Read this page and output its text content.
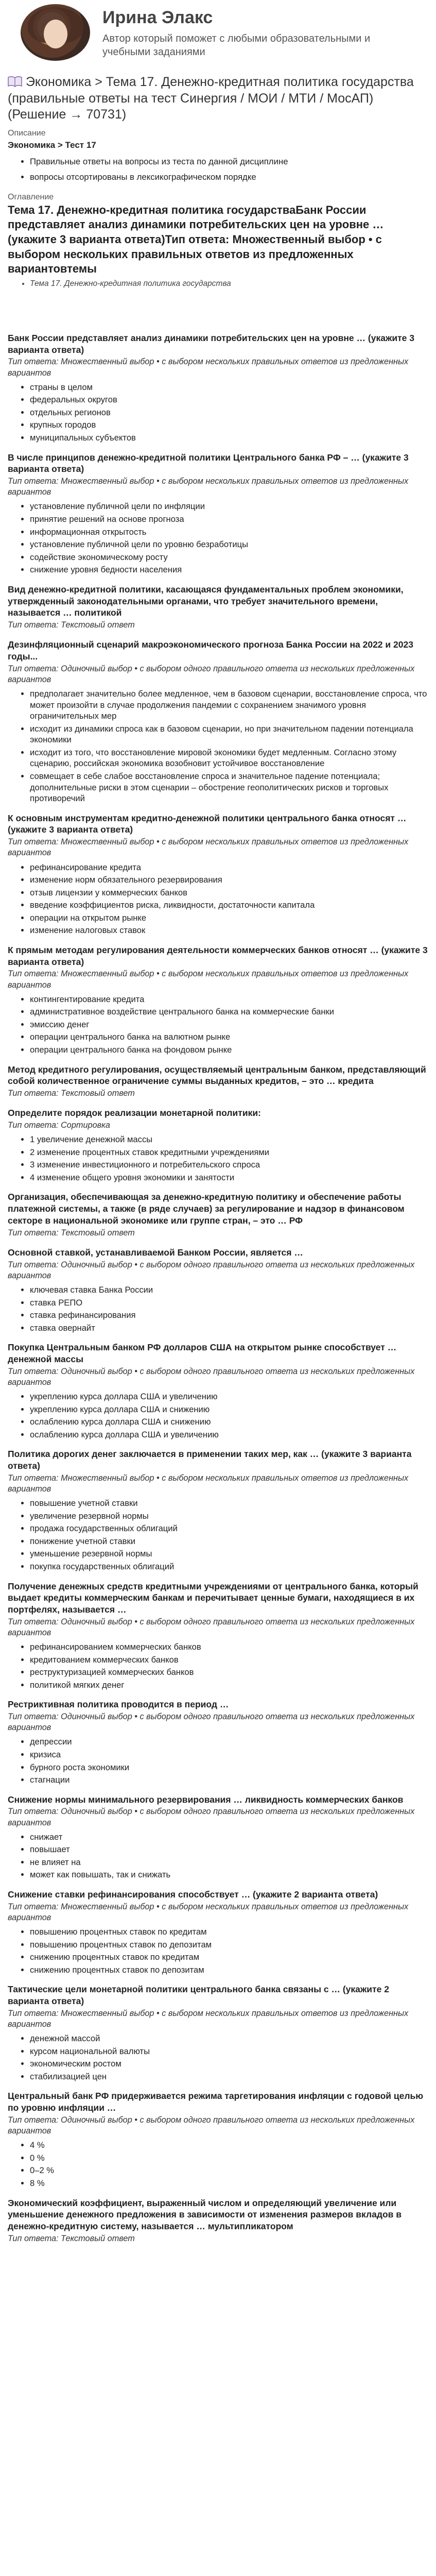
Ирина Элакс
Автор который поможет с любыми образовательными и учебными заданиями
Экономика > Тема 17. Денежно-кредитная политика государства (правильные ответы на тест Синергия / МОИ / МТИ / МосАП) (Решение → 70731)
Описание
Экономика > Тест 17
• Правильные ответы на вопросы из теста по данной дисциплине
• вопросы отсортированы в лексикографическом порядке
Оглавление
Тема 17. Денежно-кредитная политика государстваБанк России представляет анализ динамики потребительских цен на уровне … (укажите 3 варианта ответа)Тип ответа: Множественный выбор • с выбором нескольких правильных ответов из предложенных вариантовтемы
• Тема 17. Денежно-кредитная политика государства
Банк России представляет анализ динамики потребительских цен на уровне … (укажите 3 варианта ответа)
Тип ответа: Множественный выбор • с выбором нескольких правильных ответов из предложенных вариантов
• страны в целом
• федеральных округов
• отдельных регионов
• крупных городов
• муниципальных субъектов
В числе принципов денежно-кредитной политики Центрального банка РФ – … (укажите 3 варианта ответа)
Тип ответа: Множественный выбор • с выбором нескольких правильных ответов из предложенных вариантов
• установление публичной цели по инфляции
• принятие решений на основе прогноза
• информационная открытость
• установление публичной цели по уровню безработицы
• содействие экономическому росту
• снижение уровня бедности населения
Вид денежно-кредитной политики, касающаяся фундаментальных проблем экономики, утвержденный законодательными органами, что требует значительного времени, называется … политикой
Тип ответа: Текстовый ответ
Дезинфляционный сценарий макроэкономического прогноза Банка России на 2022 и 2023 годы...
Тип ответа: Одиночный выбор • с выбором одного правильного ответа из нескольких предложенных вариантов
• предполагает значительно более медленное, чем в базовом сценарии, восстановление спроса, что может произойти в случае продолжения пандемии с сохранением значимого уровня ограничительных мер
• исходит из динамики спроса как в базовом сценарии, но при значительном падении потенциала экономики
• исходит из того, что восстановление мировой экономики будет медленным. Согласно этому сценарию, российская экономика возобновит устойчивое восстановление
• совмещает в себе слабое восстановление спроса и значительное падение потенциала; дополнительные риски в этом сценарии – обострение геополитических рисков и торговых противоречий
К основным инструментам кредитно-денежной политики центрального банка относят … (укажите 3 варианта ответа)
Тип ответа: Множественный выбор • с выбором нескольких правильных ответов из предложенных вариантов
• рефинансирование кредита
• изменение норм обязательного резервирования
• отзыв лицензии у коммерческих банков
• введение коэффициентов риска, ликвидности, достаточности капитала
• операции на открытом рынке
• изменение налоговых ставок
К прямым методам регулирования деятельности коммерческих банков относят … (укажите 3 варианта ответа)
Тип ответа: Множественный выбор • с выбором нескольких правильных ответов из предложенных вариантов
• контингентирование кредита
• административное воздействие центрального банка на коммерческие банки
• эмиссию денег
• операции центрального банка на валютном рынке
• операции центрального банка на фондовом рынке
Метод кредитного регулирования, осуществляемый центральным банком, представляющий собой количественное ограничение суммы выданных кредитов, – это … кредита
Тип ответа: Текстовый ответ
Определите порядок реализации монетарной политики:
Тип ответа: Сортировка
• 1 увеличение денежной массы
• 2 изменение процентных ставок кредитными учреждениями
• 3 изменение инвестиционного и потребительского спроса
• 4 изменение общего уровня экономики и занятости
Организация, обеспечивающая за денежно-кредитную политику и обеспечение работы платежной системы, а также (в ряде случаев) за регулирование и надзор в финансовом секторе в национальной экономике или группе стран, – это … РФ
Тип ответа: Текстовый ответ
Основной ставкой, устанавливаемой Банком России, является …
Тип ответа: Одиночный выбор • с выбором одного правильного ответа из нескольких предложенных вариантов
• ключевая ставка Банка России
• ставка РЕПО
• ставка рефинансирования
• ставка овернайт
Покупка Центральным банком РФ долларов США на открытом рынке способствует … денежной массы
Тип ответа: Одиночный выбор • с выбором одного правильного ответа из нескольких предложенных вариантов
• укреплению курса доллара США и увеличению
• укреплению курса доллара США и снижению
• ослаблению курса доллара США и снижению
• ослаблению курса доллара США и увеличению
Политика дорогих денег заключается в применении таких мер, как … (укажите 3 варианта ответа)
Тип ответа: Множественный выбор • с выбором нескольких правильных ответов из предложенных вариантов
• повышение учетной ставки
• увеличение резервной нормы
• продажа государственных облигаций
• понижение учетной ставки
• уменьшение резервной нормы
• покупка государственных облигаций
Получение денежных средств кредитными учреждениями от центрального банка, который выдает кредиты коммерческим банкам и перечитывает ценные бумаги, находящиеся в их портфелях, называется …
Тип ответа: Одиночный выбор • с выбором одного правильного ответа из нескольких предложенных вариантов
• рефинансированием коммерческих банков
• кредитованием коммерческих банков
• реструктуризацией коммерческих банков
• политикой мягких денег
Рестриктивная политика проводится в период …
Тип ответа: Одиночный выбор • с выбором одного правильного ответа из нескольких предложенных вариантов
• депрессии
• кризиса
• бурного роста экономики
• стагнации
Снижение нормы минимального резервирования … ликвидность коммерческих банков
Тип ответа: Одиночный выбор • с выбором одного правильного ответа из нескольких предложенных вариантов
• снижает
• повышает
• не влияет на
• может как повышать, так и снижать
Снижение ставки рефинансирования способствует … (укажите 2 варианта ответа)
Тип ответа: Множественный выбор • с выбором нескольких правильных ответов из предложенных вариантов
• повышению процентных ставок по кредитам
• повышению процентных ставок по депозитам
• снижению процентных ставок по кредитам
• снижению процентных ставок по депозитам
Тактические цели монетарной политики центрального банка связаны с … (укажите 2 варианта ответа)
Тип ответа: Множественный выбор • с выбором нескольких правильных ответов из предложенных вариантов
• денежной массой
• курсом национальной валюты
• экономическим ростом
• стабилизацией цен
Центральный банк РФ придерживается режима таргетирования инфляции с годовой целью по уровню инфляции …
Тип ответа: Одиночный выбор • с выбором одного правильного ответа из нескольких предложенных вариантов
• 4 %
• 0 %
• 0–2 %
• 8 %
Экономический коэффициент, выраженный числом и определяющий увеличение или уменьшение денежного предложения в зависимости от изменения размеров вкладов в денежно-кредитную систему, называется … мультипликатором
Тип ответа: Текстовый ответ
